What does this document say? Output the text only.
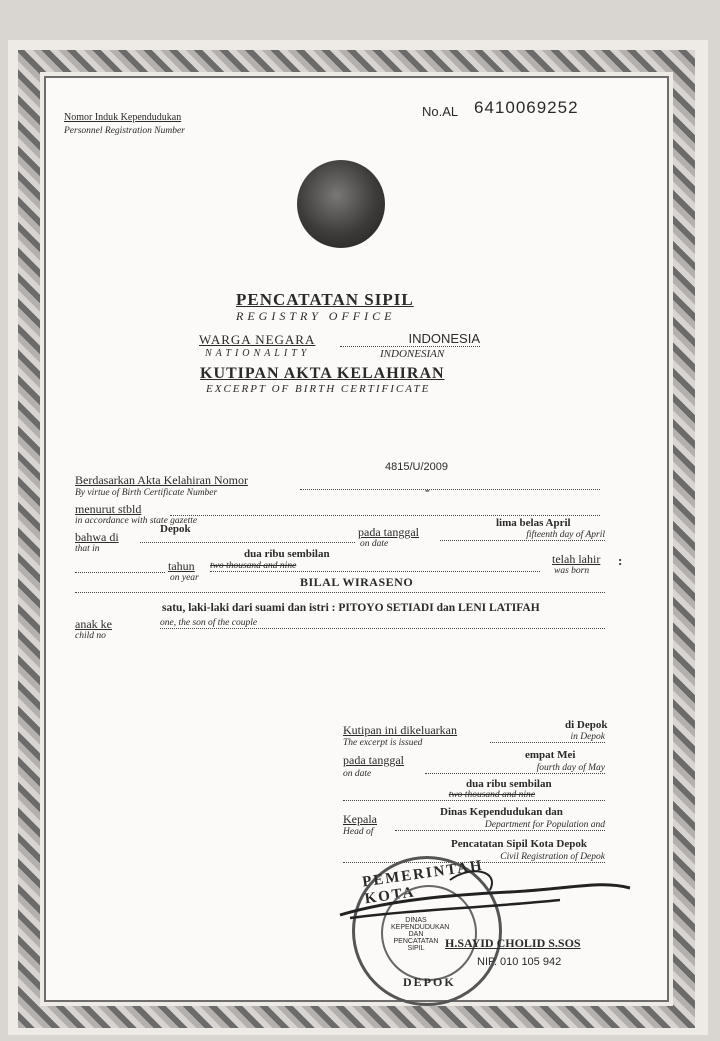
Nomor Induk Kependudukan
Personnel Registration Number
No.AL 6410069252
PENCATATAN SIPIL
REGISTRY OFFICE
WARGA NEGARA
NATIONALITY
INDONESIA
INDONESIAN
KUTIPAN AKTA KELAHIRAN
EXCERPT OF BIRTH CERTIFICATE
Berdasarkan Akta Kelahiran Nomor
By virtue of Birth Certificate Number
4815/U/2009
-
menurut stbld
in accordance with state gazette
bahwa di
that in
Depok	pada tanggal
on date
lima belas April
fifteenth day of April
tahun
on year
dua ribu sembilan
two thousand and nine	telah lahir
was born
:
BILAL WIRASENO
anak ke
child no
satu, laki-laki dari suami dan istri : PITOYO SETIADI dan LENI LATIFAH
one, the son of the couple
Kutipan ini dikeluarkan
The excerpt is issued
di Depok
in Depok
pada tanggal
on date
empat Mei
fourth day of May
dua ribu sembilan
two thousand and nine
Kepala
Head of
Dinas Kependudukan dan
Department for Population and
Pencatatan Sipil Kota Depok
Civil Registration of Depok
PEMERINTAH KOTA
DINAS KEPENDUDUKAN DAN PENCATATAN SIPIL
DEPOK
H.SAYID CHOLID S.SOS
NIP. 010 105 942
